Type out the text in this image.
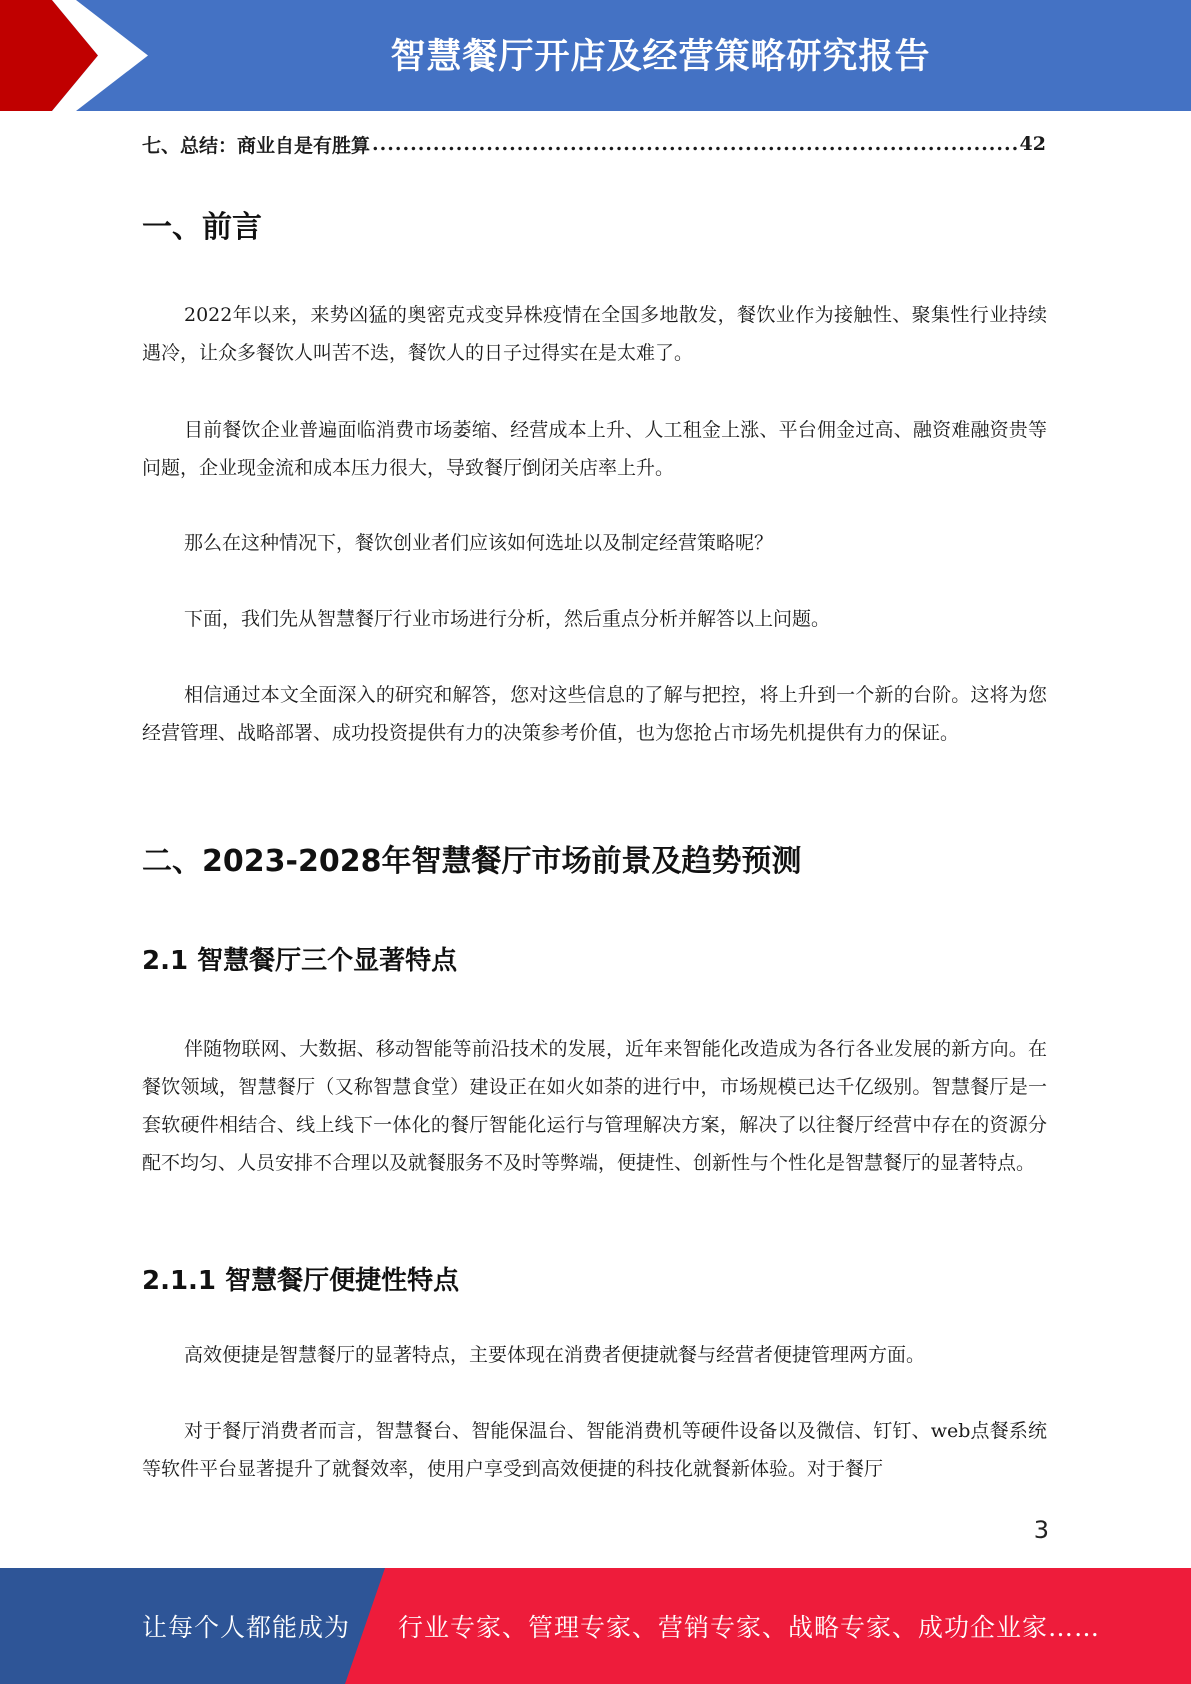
智慧餐厅开店及经营策略研究报告
七、总结：商业自是有胜算
.....	42
一、前言

2022年以来，来势凶猛的奥密克戎变异株疫情在全国多地散发，餐饮业作为接触性、聚集性行业持续遇冷，让众多餐饮人叫苦不迭，餐饮人的日子过得实在是太难了。

目前餐饮企业普遍面临消费市场萎缩、经营成本上升、人工租金上涨、平台佣金过高、融资难融资贵等问题，企业现金流和成本压力很大，导致餐厅倒闭关店率上升。

那么在这种情况下，餐饮创业者们应该如何选址以及制定经营策略呢？

下面，我们先从智慧餐厅行业市场进行分析，然后重点分析并解答以上问题。

相信通过本文全面深入的研究和解答，您对这些信息的了解与把控，将上升到一个新的台阶。这将为您经营管理、战略部署、成功投资提供有力的决策参考价值，也为您抢占市场先机提供有力的保证。

二、2023-2028年智慧餐厅市场前景及趋势预测
2.1 智慧餐厅三个显著特点

伴随物联网、大数据、移动智能等前沿技术的发展，近年来智能化改造成为各行各业发展的新方向。在餐饮领域，智慧餐厅（又称智慧食堂）建设正在如火如荼的进行中，市场规模已达千亿级别。智慧餐厅是一套软硬件相结合、线上线下一体化的餐厅智能化运行与管理解决方案，解决了以往餐厅经营中存在的资源分配不均匀、人员安排不合理以及就餐服务不及时等弊端，便捷性、创新性与个性化是智慧餐厅的显著特点。

2.1.1 智慧餐厅便捷性特点

高效便捷是智慧餐厅的显著特点，主要体现在消费者便捷就餐与经营者便捷管理两方面。

对于餐厅消费者而言，智慧餐台、智能保温台、智能消费机等硬件设备以及微信、钉钉、web点餐系统等软件平台显著提升了就餐效率，使用户享受到高效便捷的科技化就餐新体验。对于餐厅

3
让每个人都能成为 行业专家、管理专家、营销专家、战略专家、成功企业家……
